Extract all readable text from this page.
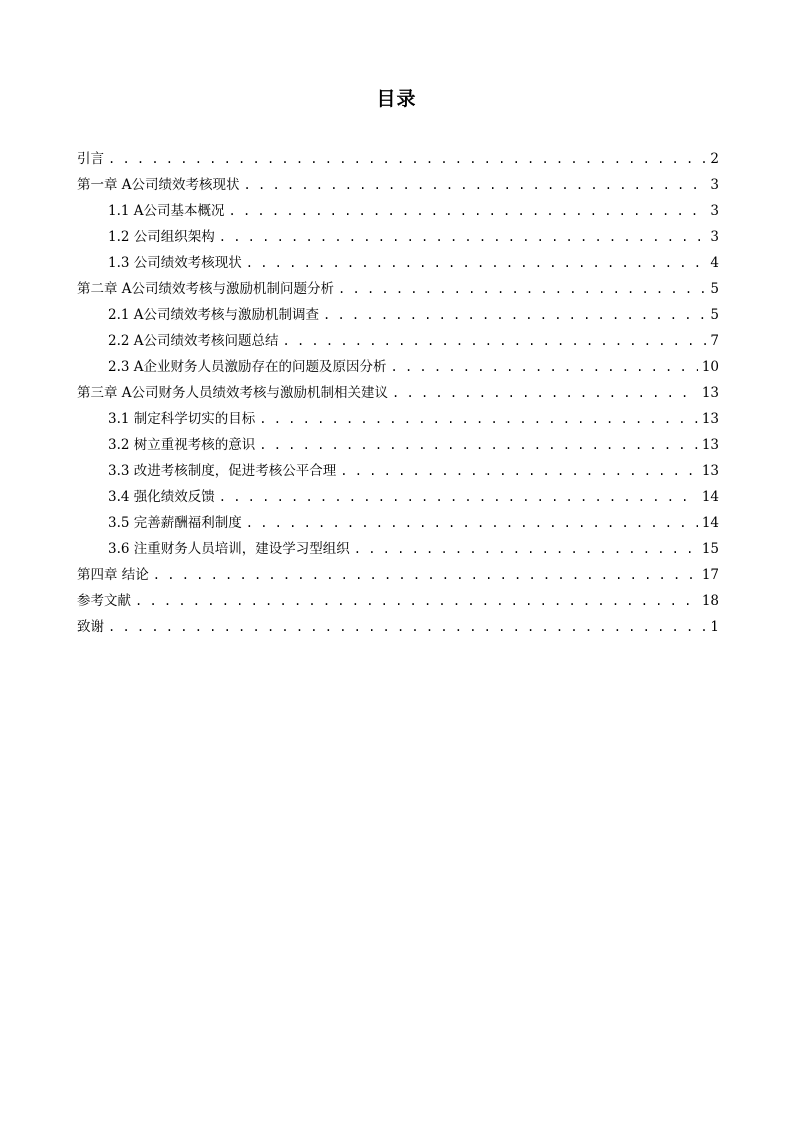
目录
引言 . . .	2
第一章 A公司绩效考核现状 . . .	3
1.1 A公司基本概况 . . .	3
1.2 公司组织架构 . . .	3
1.3 公司绩效考核现状 . . .	4
第二章 A公司绩效考核与激励机制问题分析 . . .	5
2.1 A公司绩效考核与激励机制调查 . . .	5
2.2 A公司绩效考核问题总结 . . .	7
2.3 A企业财务人员激励存在的问题及原因分析 . . .	10
第三章 A公司财务人员绩效考核与激励机制相关建议 . . .	13
3.1 制定科学切实的目标 . . .	13
3.2 树立重视考核的意识 . . .	13
3.3 改进考核制度，促进考核公平合理 . . .	13
3.4 强化绩效反馈 . . .	14
3.5 完善薪酬福利制度 . . .	14
3.6 注重财务人员培训，建设学习型组织 . . .	15
第四章 结论 . . .	17
参考文献 . . .	18
致谢 . . .	1
